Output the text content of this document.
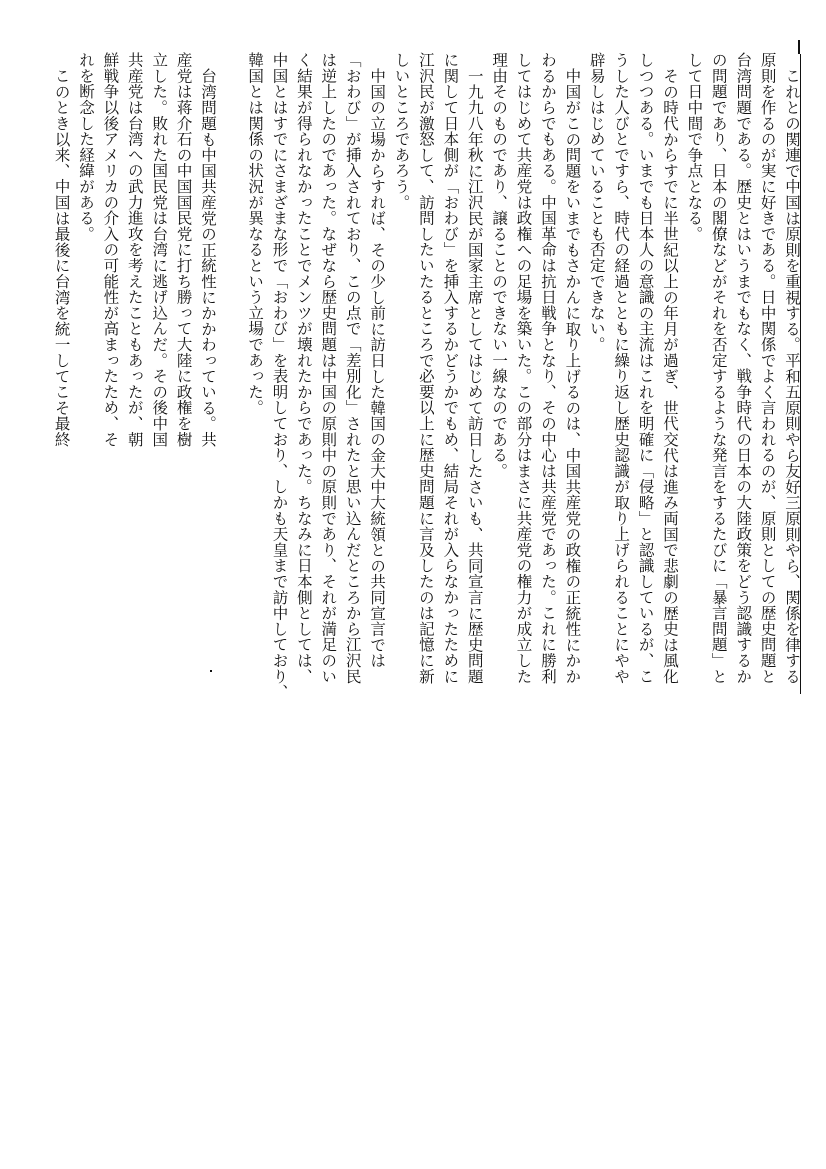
これとの関連で中国は原則を重視する。平和五原則やら友好三原則やら、関係を律する

原則を作るのが実に好きである。日中関係でよく言われるのが、原則としての歴史問題と

台湾問題である。歴史とはいうまでもなく、戦争時代の日本の大陸政策をどう認識するか

の問題であり、日本の閣僚などがそれを否定するような発言をするたびに「暴言問題」と

して日中間で争点となる。

その時代からすでに半世紀以上の年月が過ぎ、世代交代は進み両国で悲劇の歴史は風化

しつつある。いまでも日本人の意識の主流はこれを明確に「侵略」と認識しているが、こ

うした人びとですら、時代の経過とともに繰り返し歴史認識が取り上げられることにやや

辟易しはじめていることも否定できない。

中国がこの問題をいまでもさかんに取り上げるのは、中国共産党の政権の正統性にかか

わるからでもある。中国革命は抗日戦争となり、その中心は共産党であった。これに勝利

してはじめて共産党は政権への足場を築いた。この部分はまさに共産党の権力が成立した

理由そのものであり、譲ることのできない一線なのである。

一九九八年秋に江沢民が国家主席としてはじめて訪日したさいも、共同宣言に歴史問題

に関して日本側が「おわび」を挿入するかどうかでもめ、結局それが入らなかったために

江沢民が激怒して、訪問したいたるところで必要以上に歴史問題に言及したのは記憶に新

しいところであろう。

中国の立場からすれば、その少し前に訪日した韓国の金大中大統領との共同宣言では

「おわび」が挿入されており、この点で「差別化」されたと思い込んだところから江沢民

は逆上したのであった。なぜなら歴史問題は中国の原則中の原則であり、それが満足のい

く結果が得られなかったことでメンツが壊れたからであった。ちなみに日本側としては、

中国とはすでにさまざまな形で「おわび」を表明しており、しかも天皇まで訪中しており、

韓国とは関係の状況が異なるという立場であった。

台湾問題も中国共産党の正統性にかかわっている。共

産党は蒋介石の中国国民党に打ち勝って大陸に政権を樹

立した。敗れた国民党は台湾に逃げ込んだ。その後中国

共産党は台湾への武力進攻を考えたこともあったが、朝

鮮戦争以後アメリカの介入の可能性が高まったため、そ

れを断念した経緯がある。

このとき以来、中国は最後に台湾を統一してこそ最終
